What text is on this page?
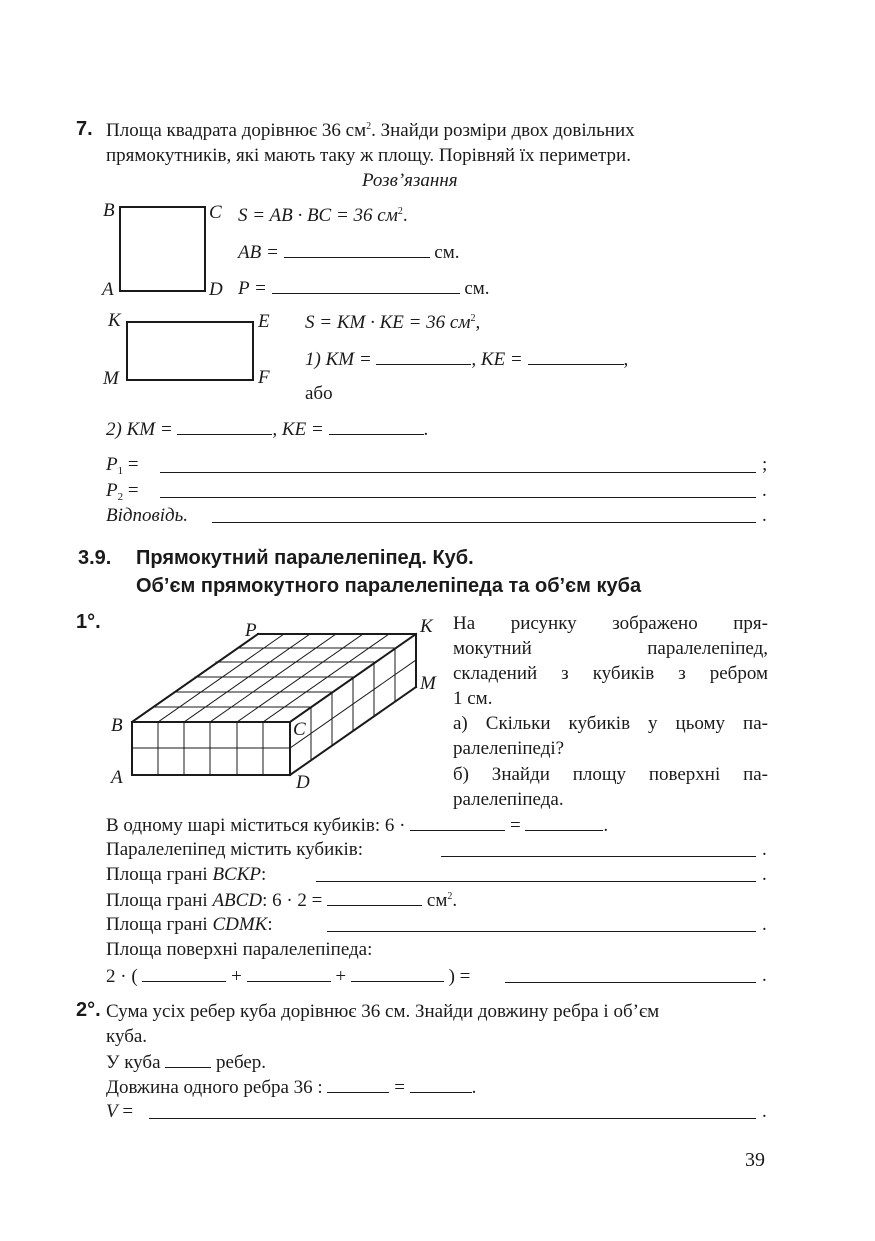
7. Площа квадрата дорівнює 36 $см^2$. Знайди розміри двох довільних
прямокутників, які мають таку ж площу. Порівняй їх периметри.
Розв’язання
B	C
A	D
S = AB · BC = 36 $см^2$.
AB =	см.
P =	см.
K	E
M	F
S = KM · KE = 36 $см^2$,
1) KM =	, KE =	,
або
2) KM =	, KE =	.
$P_1$ =	;
$P_2$ =	.
Відповідь.	.
3.9. Прямокутний паралелепіпед. Куб.
Об’єм прямокутного паралелепіпеда та об’єм куба
1°.	P	K
M
B	C
A	D
На рисунку зображено пря-
мокутний паралелепіпед,
складений з кубиків з ребром
1 см.
а) Скільки кубиків у цьому па-
ралелепіпеді?
б) Знайди площу поверхні па-
ралелепіпеда.
В одному шарі міститься кубиків: 6 ·	=	.
Паралелепіпед містить кубиків:	.
Площа грані BCKP:	.
Площа грані ABCD: 6 · 2 =	$см^2$.
Площа грані CDMK:	.
Площа поверхні паралелепіпеда:
2 · (	+	+	) =	.
2°. Сума усіх ребер куба дорівнює 36 см. Знайди довжину ребра і об’єм
куба.
У куба  ребер.
Довжина одного ребра 36 :	=	.
V =	.
39
